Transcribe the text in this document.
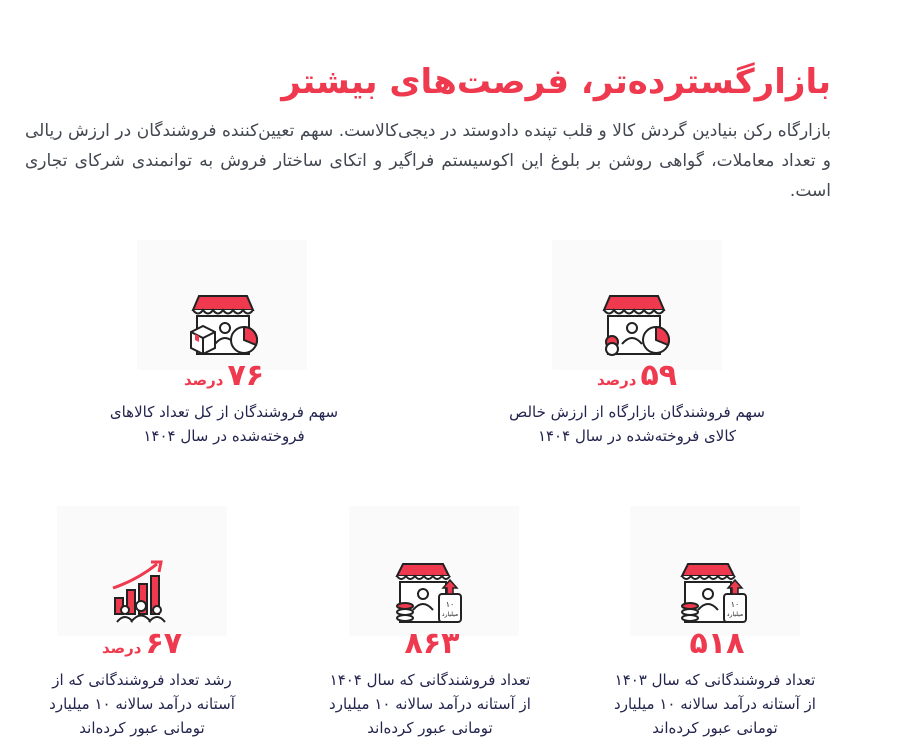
بازارگسترده‌تر، فرصت‌های بیشتر

بازارگاه رکن بنیادین گردش کالا و قلب تپنده دادوستد در دیجی‌کالاست. سهم تعیین‌کننده فروشندگان در ارزش ریالی و تعداد معاملات، گواهی روشن بر بلوغ این اکوسیستم فراگیر و اتکای ساختار فروش به توانمندی شرکای تجاری است.

۵۹درصد
سهم فروشندگان بازارگاه از ارزش خالص
کالای فروخته‌شده در سال ۱۴۰۴
۷۶درصد
سهم فروشندگان از کل تعداد کالاهای
فروخته‌شده در سال ۱۴۰۴
۱۰
میلیارد
۵۱۸
تعداد فروشندگانی که سال ۱۴۰۳
از آستانه درآمد سالانه ۱۰ میلیارد
تومانی عبور کرده‌اند
۱۰
میلیارد
۸۶۳
تعداد فروشندگانی که سال ۱۴۰۴
از آستانه درآمد سالانه ۱۰ میلیارد
تومانی عبور کرده‌اند
۶۷درصد
رشد تعداد فروشندگانی که از
آستانه درآمد سالانه ۱۰ میلیارد
تومانی عبور کرده‌اند
